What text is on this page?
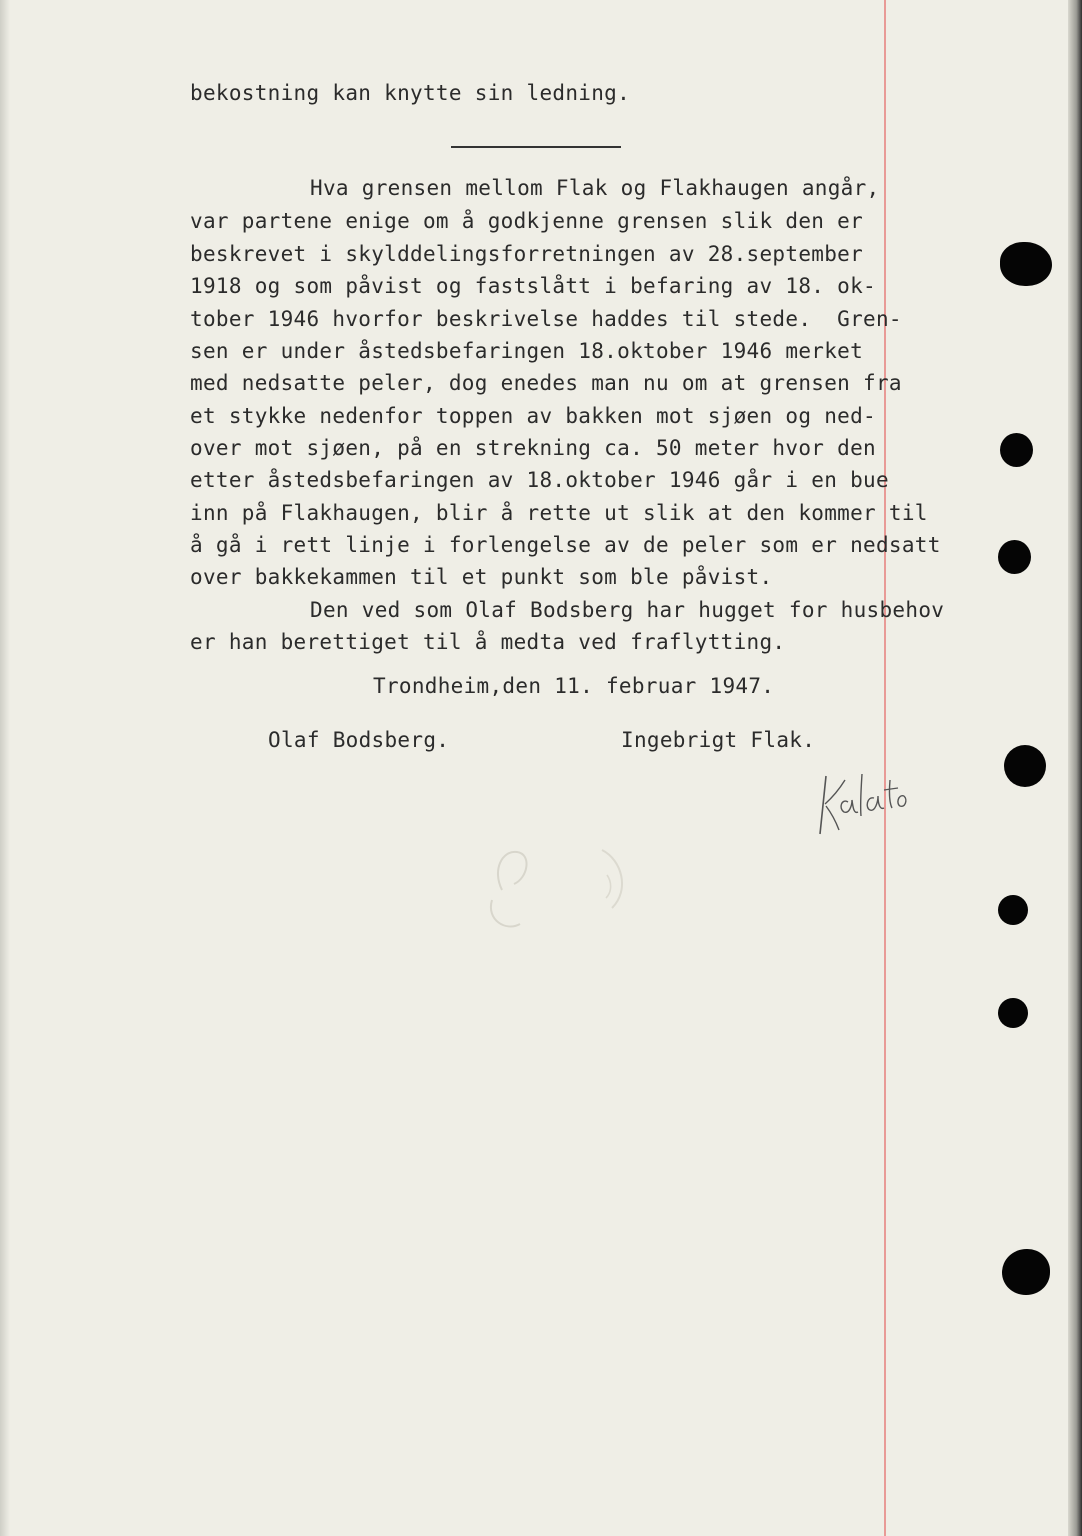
bekostning kan knytte sin ledning.

Hva grensen mellom Flak og Flakhaugen angår,

var partene enige om å godkjenne grensen slik den er

beskrevet i skylddelingsforretningen av 28.september

1918 og som påvist og fastslått i befaring av 18. ok-

tober 1946 hvorfor beskrivelse haddes til stede.  Gren-

sen er under åstedsbefaringen 18.oktober 1946 merket

med nedsatte peler, dog enedes man nu om at grensen fra

et stykke nedenfor toppen av bakken mot sjøen og ned-

over mot sjøen, på en strekning ca. 50 meter hvor den

etter åstedsbefaringen av 18.oktober 1946 går i en bue

inn på Flakhaugen, blir å rette ut slik at den kommer til

å gå i rett linje i forlengelse av de peler som er nedsatt

over bakkekammen til et punkt som ble påvist.

Den ved som Olaf Bodsberg har hugget for husbehov

er han berettiget til å medta ved fraflytting.

Trondheim,den 11. februar 1947.

Olaf Bodsberg.	Ingebrigt Flak.
